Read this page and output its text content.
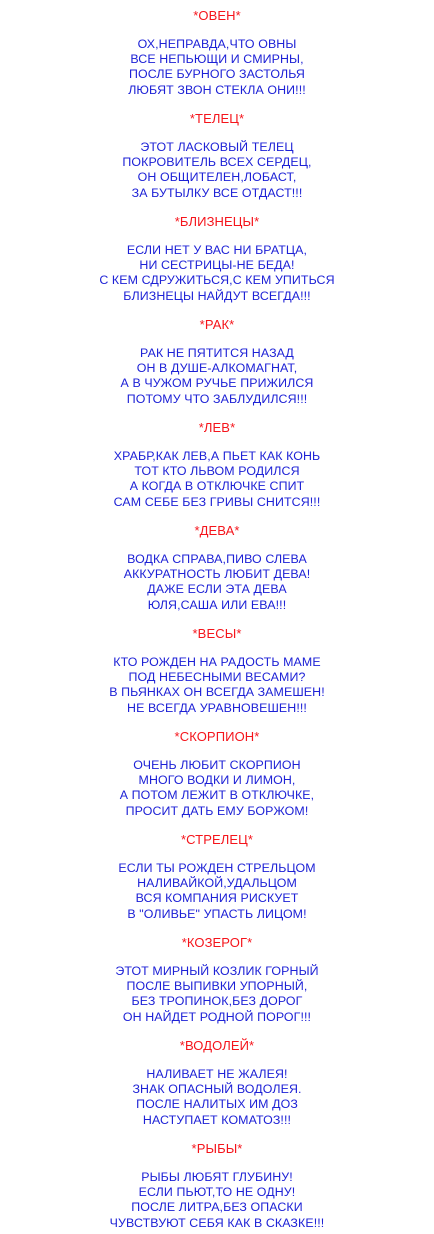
*ОВЕН*
ОХ,НЕПРАВДА,ЧТО ОВНЫ
ВСЕ НЕПЬЮЩИ И СМИРНЫ,
ПОСЛЕ БУРНОГО ЗАСТОЛЬЯ
ЛЮБЯТ ЗВОН СТЕКЛА ОНИ!!!
*ТЕЛЕЦ*
ЭТОТ ЛАСКОВЫЙ ТЕЛЕЦ
ПОКРОВИТЕЛЬ ВСЕХ СЕРДЕЦ,
ОН ОБЩИТЕЛЕН,ЛОБАСТ,
ЗА БУТЫЛКУ ВСЕ ОТДАСТ!!!
*БЛИЗНЕЦЫ*
ЕСЛИ НЕТ У ВАС НИ БРАТЦА,
НИ СЕСТРИЦЫ-НЕ БЕДА!
С КЕМ СДРУЖИТЬСЯ,С КЕМ УПИТЬСЯ
БЛИЗНЕЦЫ НАЙДУТ ВСЕГДА!!!
*РАК*
РАК НЕ ПЯТИТСЯ НАЗАД
ОН В ДУШЕ-АЛКОМАГНАТ,
А В ЧУЖОМ РУЧЬЕ ПРИЖИЛСЯ
ПОТОМУ ЧТО ЗАБЛУДИЛСЯ!!!
*ЛЕВ*
ХРАБР,КАК ЛЕВ,А ПЬЕТ КАК КОНЬ
ТОТ КТО ЛЬВОМ РОДИЛСЯ
А КОГДА В ОТКЛЮЧКЕ СПИТ
САМ СЕБЕ БЕЗ ГРИВЫ СНИТСЯ!!!
*ДЕВА*
ВОДКА СПРАВА,ПИВО СЛЕВА
АККУРАТНОСТЬ ЛЮБИТ ДЕВА!
ДАЖЕ ЕСЛИ ЭТА ДЕВА
ЮЛЯ,САША ИЛИ ЕВА!!!
*ВЕСЫ*
КТО РОЖДЕН НА РАДОСТЬ МАМЕ
ПОД НЕБЕСНЫМИ ВЕСАМИ?
В ПЬЯНКАХ ОН ВСЕГДА ЗАМЕШЕН!
НЕ ВСЕГДА УРАВНОВЕШЕН!!!
*СКОРПИОН*
ОЧЕНЬ ЛЮБИТ СКОРПИОН
МНОГО ВОДКИ И ЛИМОН,
А ПОТОМ ЛЕЖИТ В ОТКЛЮЧКЕ,
ПРОСИТ ДАТЬ ЕМУ БОРЖОМ!
*СТРЕЛЕЦ*
ЕСЛИ ТЫ РОЖДЕН СТРЕЛЬЦОМ
НАЛИВАЙКОЙ,УДАЛЬЦОМ
ВСЯ КОМПАНИЯ РИСКУЕТ
В "ОЛИВЬЕ" УПАСТЬ ЛИЦОМ!
*КОЗЕРОГ*
ЭТОТ МИРНЫЙ КОЗЛИК ГОРНЫЙ
ПОСЛЕ ВЫПИВКИ УПОРНЫЙ,
БЕЗ ТРОПИНОК,БЕЗ ДОРОГ
ОН НАЙДЕТ РОДНОЙ ПОРОГ!!!
*ВОДОЛЕЙ*
НАЛИВАЕТ НЕ ЖАЛЕЯ!
ЗНАК ОПАСНЫЙ ВОДОЛЕЯ.
ПОСЛЕ НАЛИТЫХ ИМ ДОЗ
НАСТУПАЕТ КОМАТОЗ!!!
*РЫБЫ*
РЫБЫ ЛЮБЯТ ГЛУБИНУ!
ЕСЛИ ПЬЮТ,ТО НЕ ОДНУ!
ПОСЛЕ ЛИТРА,БЕЗ ОПАСКИ
ЧУВСТВУЮТ СЕБЯ КАК В СКАЗКЕ!!!
